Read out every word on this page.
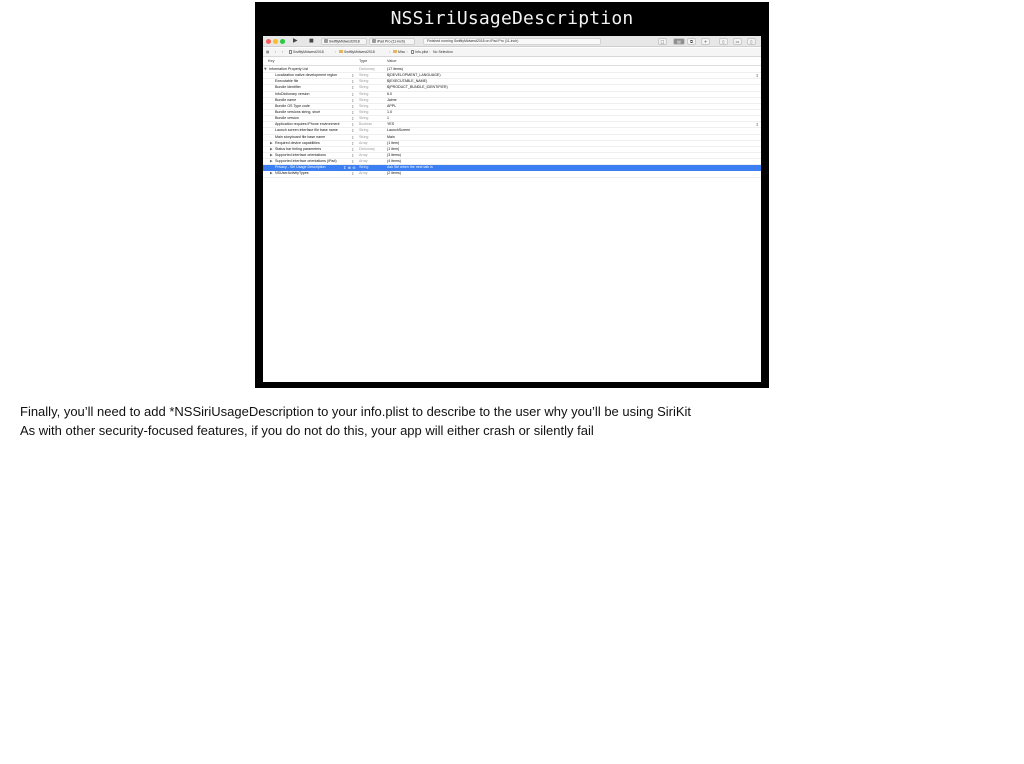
NSSiriUsageDescription
▶ ■	SwiftlyMidwest2018	iPad Pro (11-inch)	Finished running SwiftlyMidwest2018 on iPad Pro (11-inch)	□	▤	⧉	+	▯	▭	▯
▦ ‹ ›	SwiftlyMidwest2018	›	SwiftlyMidwest2018	›	Misc ›	Info.plist › No Selection
Key	Type	Value
▼ Information Property List	Dictionary	(17 items)
Localization native development region	⇕ String	$(DEVELOPMENT_LANGUAGE)	⇕
Executable file	⇕ String	$(EXECUTABLE_NAME)
Bundle identifier	⇕ String	$(PRODUCT_BUNDLE_IDENTIFIER)
InfoDictionary version	⇕ String	6.0
Bundle name	⇕ String	Jaime
Bundle OS Type code	⇕ String	APPL
Bundle versions string, short	⇕ String	1.0
Bundle version	⇕ String	1
Application requires iPhone environment	⇕ Boolean	YES	⇕
Launch screen interface file base name	⇕ String	LaunchScreen
Main storyboard file base name	⇕ String	Main
▶ Required device capabilities	⇕ Array	(1 item)
▶ Status bar tinting parameters	⇕ Dictionary	(1 item)
▶ Supported interface orientations	⇕ Array	(3 items)
▶ Supported interface orientations (iPad)	⇕ Array	(4 items)
Privacy - Siri Usage Description	⇕ ⊕ ⊖ String	Ask Siri when the next talk is
▶ NSUserActivityTypes	⇕ Array	(2 items)
Finally, you’ll need to add *NSSiriUsageDescription to your info.plist to describe to the user why you’ll be using SiriKit
As with other security-focused features, if you do not do this, your app will either crash or silently fail
